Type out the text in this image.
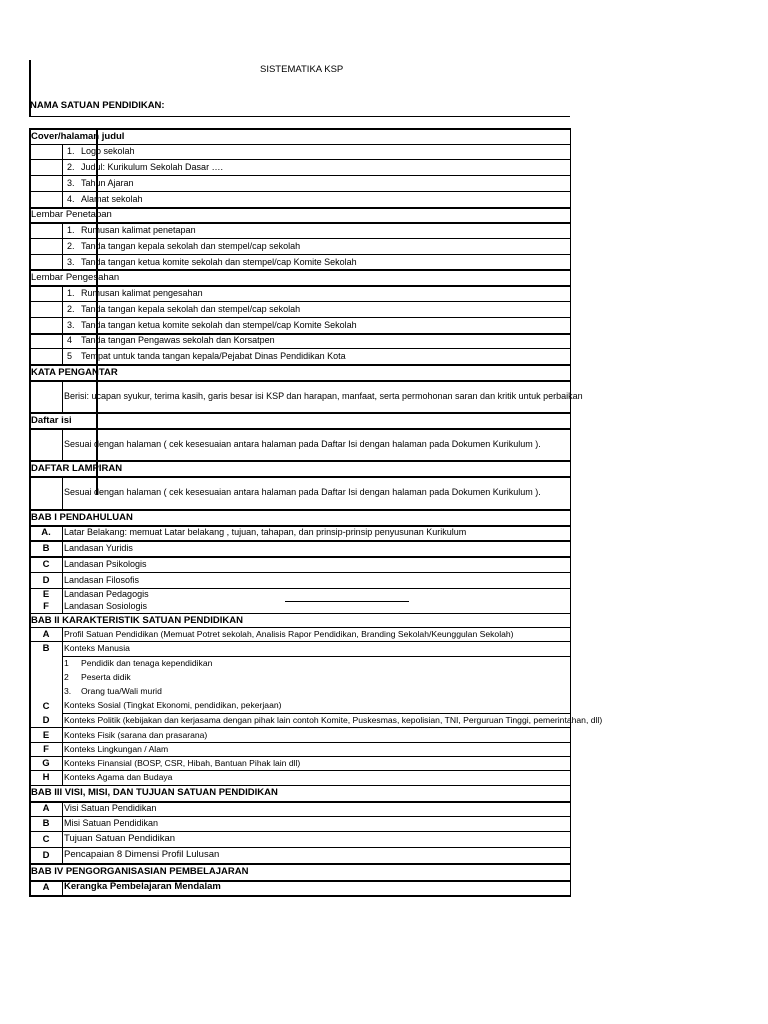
SISTEMATIKA KSP
NAMA SATUAN PENDIDIKAN:
Cover/halaman judul
1. Logo sekolah
2. Judul: Kurikulum Sekolah Dasar ….
3. Tahun Ajaran
4. Alamat sekolah
Lembar Penetapan
1. Rumusan kalimat penetapan
2. Tanda tangan kepala sekolah dan stempel/cap sekolah
3. Tanda tangan ketua komite sekolah dan stempel/cap Komite Sekolah
Lembar Pengesahan
1. Rumusan kalimat pengesahan
2. Tanda tangan kepala sekolah dan stempel/cap sekolah
3. Tanda tangan ketua komite sekolah dan stempel/cap Komite Sekolah
4 Tanda tangan Pengawas sekolah dan Korsatpen
5 Tempat untuk tanda tangan kepala/Pejabat Dinas Pendidikan Kota
KATA PENGANTAR
Berisi: ucapan syukur, terima kasih, garis besar isi KSP dan harapan, manfaat, serta permohonan saran dan kritik untuk perbaikan
Daftar isi
Sesuai dengan halaman ( cek kesesuaian antara halaman pada Daftar Isi dengan halaman pada Dokumen Kurikulum ).
DAFTAR LAMPIRAN
Sesuai dengan halaman ( cek kesesuaian antara halaman pada Daftar Isi dengan halaman pada Dokumen Kurikulum ).
BAB I PENDAHULUAN
A.	Latar Belakang: memuat Latar belakang , tujuan, tahapan, dan prinsip-prinsip penyusunan Kurikulum
B	Landasan Yuridis
C	Landasan Psikologis
D	Landasan Filosofis
E	Landasan Pedagogis
F	Landasan Sosiologis
BAB II KARAKTERISTIK SATUAN PENDIDIKAN
A	Profil Satuan Pendidikan (Memuat Potret sekolah, Analisis Rapor Pendidikan, Branding Sekolah/Keunggulan Sekolah)
B	Konteks Manusia
1 Pendidik dan tenaga kependidikan
2 Peserta didik
3. Orang tua/Wali murid
C	Konteks Sosial (Tingkat Ekonomi, pendidikan, pekerjaan)
D	Konteks Politik (kebijakan dan kerjasama dengan pihak lain contoh Komite, Puskesmas, kepolisian, TNI, Perguruan Tinggi, pemerintahan, dll)
E	Konteks Fisik (sarana dan prasarana)
F	Konteks Lingkungan / Alam
G	Konteks Finansial (BOSP, CSR, Hibah, Bantuan Pihak lain dll)
H	Konteks Agama dan Budaya
BAB III VISI, MISI, DAN TUJUAN SATUAN PENDIDIKAN
A	Visi Satuan Pendidikan
B	Misi Satuan Pendidikan
C	Tujuan Satuan Pendidikan
D	Pencapaian 8 Dimensi Profil Lulusan
BAB IV PENGORGANISASIAN PEMBELAJARAN
A	Kerangka Pembelajaran Mendalam
